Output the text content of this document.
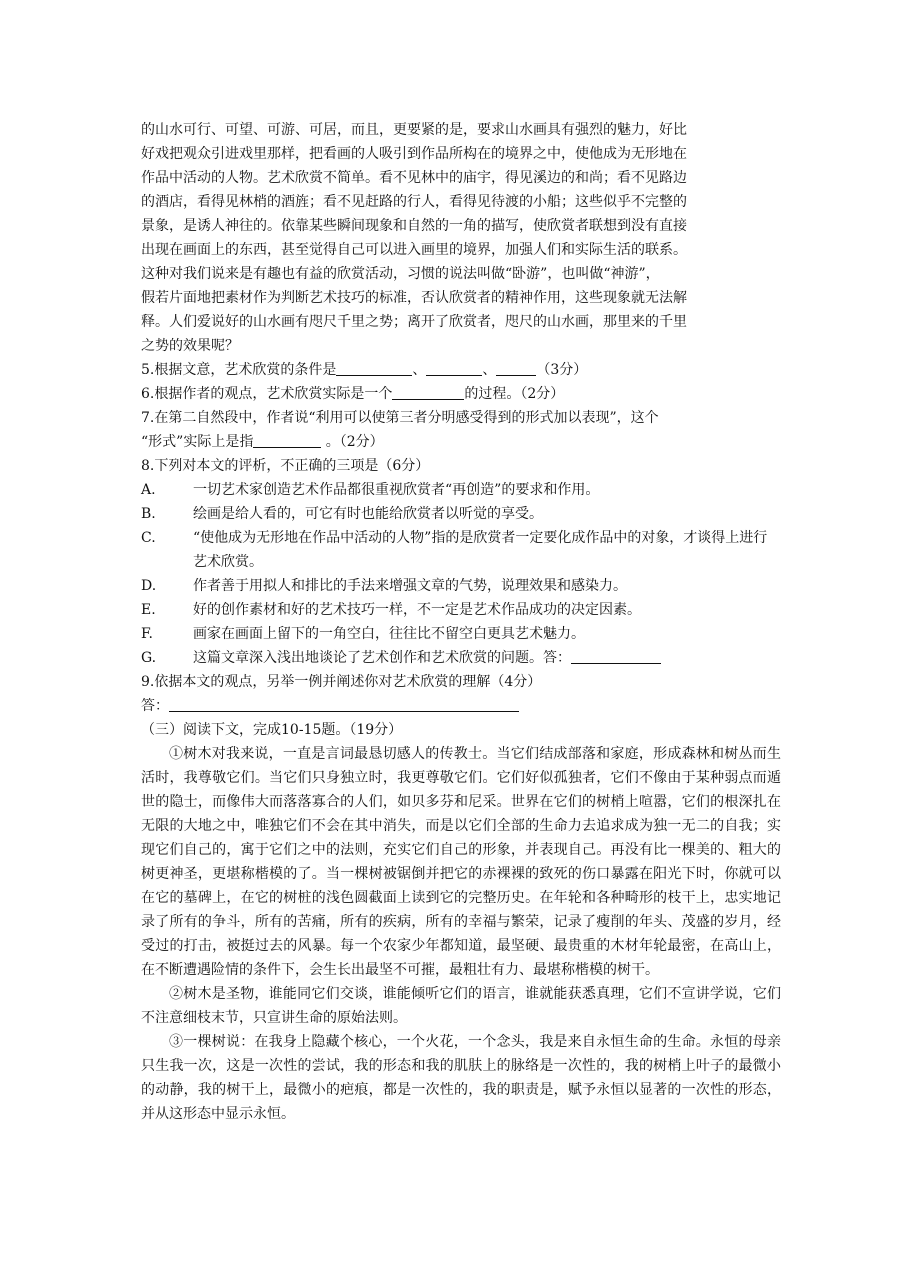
的山水可行、可望、可游、可居，而且，更要紧的是，要求山水画具有强烈的魅力，好比

好戏把观众引进戏里那样，把看画的人吸引到作品所构在的境界之中，使他成为无形地在

作品中活动的人物。艺术欣赏不简单。看不见林中的庙宇，得见溪边的和尚；看不见路边

的酒店，看得见林梢的酒旌；看不见赶路的行人，看得见待渡的小船；这些似乎不完整的

景象，是诱人神往的。依靠某些瞬间现象和自然的一角的描写，使欣赏者联想到没有直接

出现在画面上的东西，甚至觉得自己可以进入画里的境界，加强人们和实际生活的联系。

这种对我们说来是有趣也有益的欣赏活动，习惯的说法叫做“卧游”，也叫做“神游”，

假若片面地把素材作为判断艺术技巧的标准，否认欣赏者的精神作用，这些现象就无法解

释。人们爱说好的山水画有咫尺千里之势；离开了欣赏者，咫尺的山水画，那里来的千里

之势的效果呢？

5.根据文意，艺术欣赏的条件是	、	、	（3分）

6.根据作者的观点，艺术欣赏实际是一个	的过程。（2分）

7.在第二自然段中，作者说“利用可以使第三者分明感受得到的形式加以表现”，这个

“形式”实际上是指	。（2分）

8.下列对本文的评析，不正确的三项是（6分）

A.	一切艺术家创造艺术作品都很重视欣赏者“再创造”的要求和作用。
B.	绘画是给人看的，可它有时也能给欣赏者以听觉的享受。
C.	“使他成为无形地在作品中活动的人物”指的是欣赏者一定要化成作品中的对象，才谈得上进行艺术欣赏。
D.	作者善于用拟人和排比的手法来增强文章的气势，说理效果和感染力。
E.	好的创作素材和好的艺术技巧一样，不一定是艺术作品成功的决定因素。
F.	画家在画面上留下的一角空白，往往比不留空白更具艺术魅力。
G.	这篇文章深入浅出地谈论了艺术创作和艺术欣赏的问题。答：

9.依据本文的观点，另举一例并阐述你对艺术欣赏的理解（4分）

答：

（三）阅读下文，完成10-15题。（19分）

①树木对我来说，一直是言词最恳切感人的传教士。当它们结成部落和家庭，形成森林和树丛而生活时，我尊敬它们。当它们只身独立时，我更尊敬它们。它们好似孤独者，它们不像由于某种弱点而遁世的隐士，而像伟大而落落寡合的人们，如贝多芬和尼采。世界在它们的树梢上喧嚣，它们的根深扎在无限的大地之中，唯独它们不会在其中消失，而是以它们全部的生命力去追求成为独一无二的自我；实现它们自己的，寓于它们之中的法则，充实它们自己的形象，并表现自己。再没有比一棵美的、粗大的树更神圣，更堪称楷模的了。当一棵树被锯倒并把它的赤裸裸的致死的伤口暴露在阳光下时，你就可以在它的墓碑上，在它的树桩的浅色圆截面上读到它的完整历史。在年轮和各种畸形的枝干上，忠实地记录了所有的争斗，所有的苦痛，所有的疾病，所有的幸福与繁荣，记录了瘦削的年头、茂盛的岁月，经受过的打击，被挺过去的风暴。每一个农家少年都知道，最坚硬、最贵重的木材年轮最密，在高山上，在不断遭遇险情的条件下，会生长出最坚不可摧，最粗壮有力、最堪称楷模的树干。

②树木是圣物，谁能同它们交谈，谁能倾听它们的语言，谁就能获悉真理，它们不宣讲学说，它们不注意细枝末节，只宣讲生命的原始法则。

③一棵树说：在我身上隐藏个核心，一个火花，一个念头，我是来自永恒生命的生命。永恒的母亲只生我一次，这是一次性的尝试，我的形态和我的肌肤上的脉络是一次性的，我的树梢上叶子的最微小的动静，我的树干上，最微小的疤痕，都是一次性的，我的职责是，赋予永恒以显著的一次性的形态，并从这形态中显示永恒。
